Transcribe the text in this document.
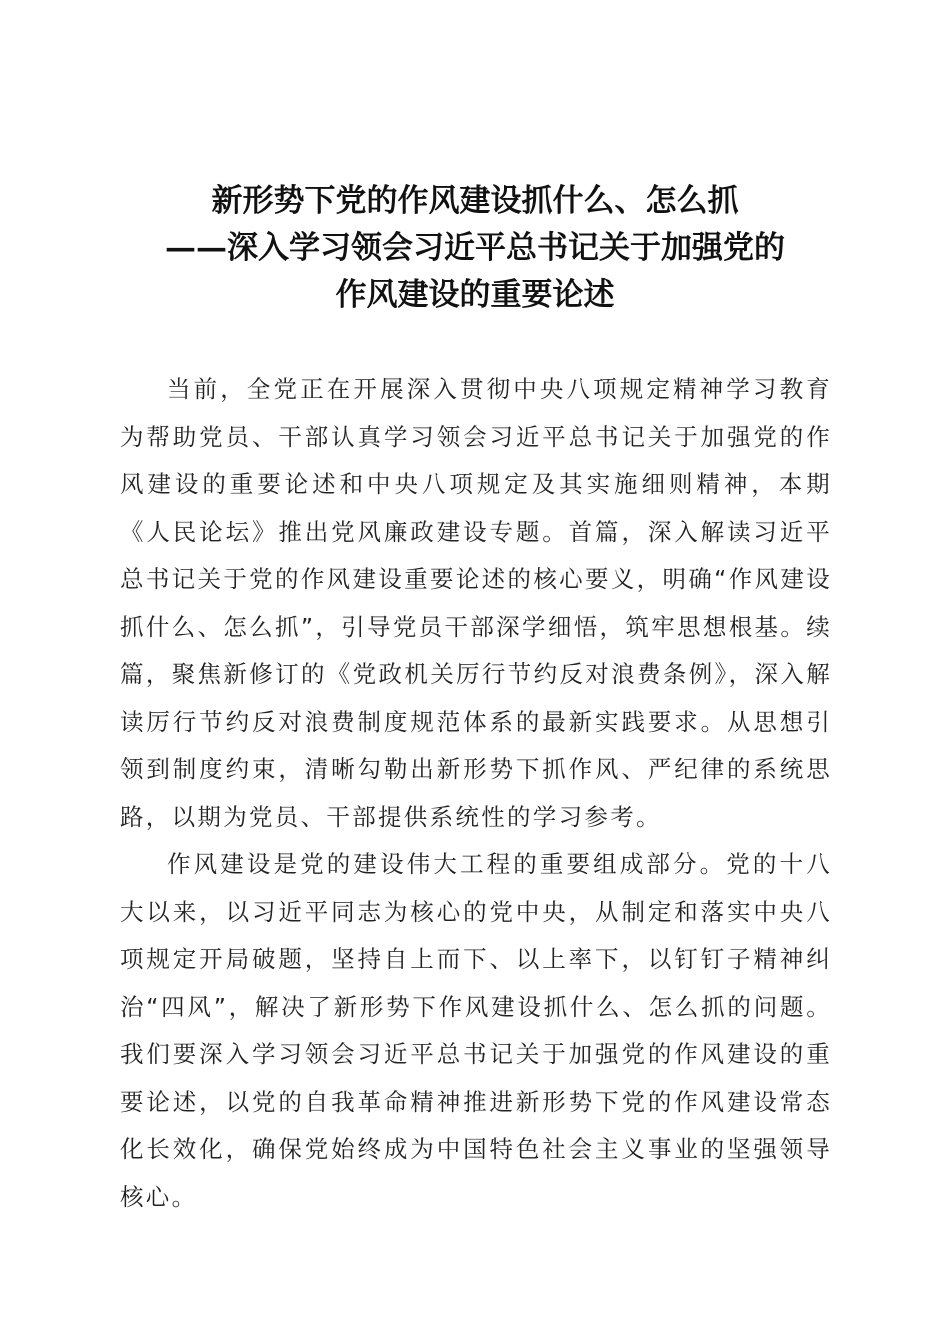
新形势下党的作风建设抓什么、怎么抓
——深入学习领会习近平总书记关于加强党的
作风建设的重要论述

当前，全党正在开展深入贯彻中央八项规定精神学习教育为帮助党员、干部认真学习领会习近平总书记关于加强党的作风建设的重要论述和中央八项规定及其实施细则精神，本期《人民论坛》推出党风廉政建设专题。首篇，深入解读习近平总书记关于党的作风建设重要论述的核心要义，明确“作风建设抓什么、怎么抓”，引导党员干部深学细悟，筑牢思想根基。续篇，聚焦新修订的《党政机关厉行节约反对浪费条例》，深入解读厉行节约反对浪费制度规范体系的最新实践要求。从思想引领到制度约束，清晰勾勒出新形势下抓作风、严纪律的系统思路，以期为党员、干部提供系统性的学习参考。

作风建设是党的建设伟大工程的重要组成部分。党的十八大以来，以习近平同志为核心的党中央，从制定和落实中央八项规定开局破题，坚持自上而下、以上率下，以钉钉子精神纠治“四风”，解决了新形势下作风建设抓什么、怎么抓的问题。我们要深入学习领会习近平总书记关于加强党的作风建设的重要论述，以党的自我革命精神推进新形势下党的作风建设常态化长效化，确保党始终成为中国特色社会主义事业的坚强领导核心。
